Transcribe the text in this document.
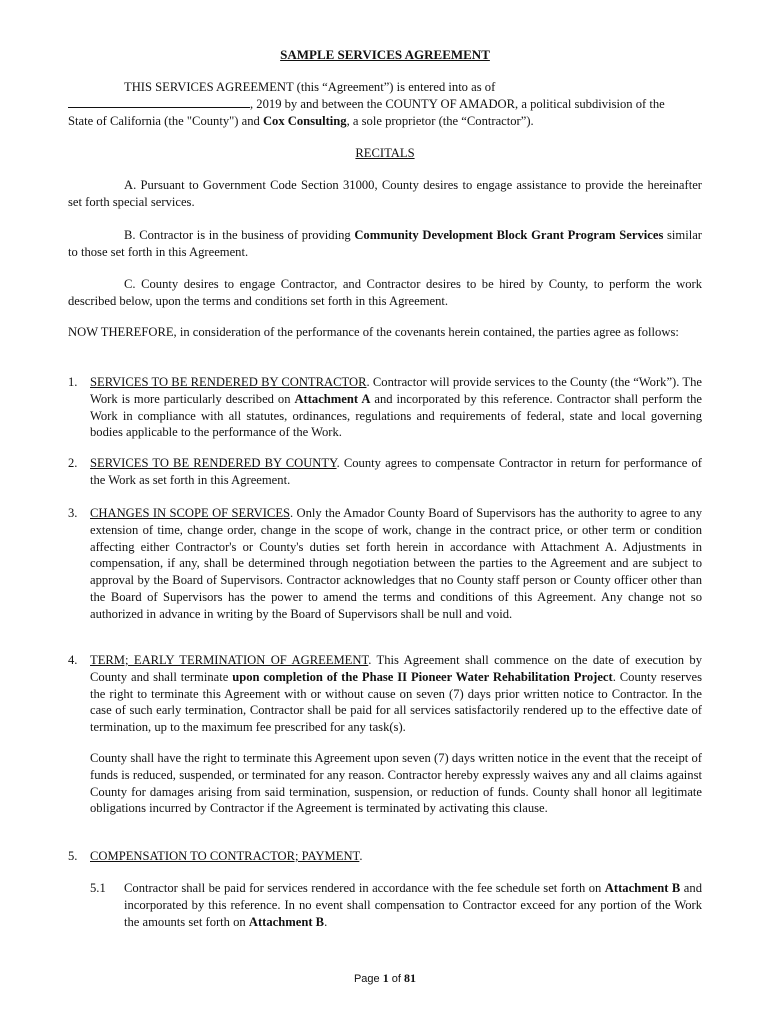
SAMPLE SERVICES AGREEMENT

THIS SERVICES AGREEMENT (this “Agreement”) is entered into as of
, 2019 by and between the COUNTY OF AMADOR, a political subdivision of the
State of California (the "County") and Cox Consulting, a sole proprietor (the “Contractor”).

RECITALS

A. Pursuant to Government Code Section 31000, County desires to engage assistance to provide the hereinafter set forth special services.

B. Contractor is in the business of providing Community Development Block Grant Program Services similar to those set forth in this Agreement.

C. County desires to engage Contractor, and Contractor desires to be hired by County, to perform the work described below, upon the terms and conditions set forth in this Agreement.

NOW THEREFORE, in consideration of the performance of the covenants herein contained, the parties agree as follows:

1. SERVICES TO BE RENDERED BY CONTRACTOR. Contractor will provide services to the County (the “Work”). The Work is more particularly described on Attachment A and incorporated by this reference. Contractor shall perform the Work in compliance with all statutes, ordinances, regulations and requirements of federal, state and local governing bodies applicable to the performance of the Work.

2. SERVICES TO BE RENDERED BY COUNTY. County agrees to compensate Contractor in return for performance of the Work as set forth in this Agreement.

3. CHANGES IN SCOPE OF SERVICES. Only the Amador County Board of Supervisors has the authority to agree to any extension of time, change order, change in the scope of work, change in the contract price, or other term or condition affecting either Contractor's or County's duties set forth herein in accordance with Attachment A. Adjustments in compensation, if any, shall be determined through negotiation between the parties to the Agreement and are subject to approval by the Board of Supervisors. Contractor acknowledges that no County staff person or County officer other than the Board of Supervisors has the power to amend the terms and conditions of this Agreement. Any change not so authorized in advance in writing by the Board of Supervisors shall be null and void.

4. TERM; EARLY TERMINATION OF AGREEMENT. This Agreement shall commence on the date of execution by County and shall terminate upon completion of the Phase II Pioneer Water Rehabilitation Project. County reserves the right to terminate this Agreement with or without cause on seven (7) days prior written notice to Contractor. In the case of such early termination, Contractor shall be paid for all services satisfactorily rendered up to the effective date of termination, up to the maximum fee prescribed for any task(s).

County shall have the right to terminate this Agreement upon seven (7) days written notice in the event that the receipt of funds is reduced, suspended, or terminated for any reason. Contractor hereby expressly waives any and all claims against County for damages arising from said termination, suspension, or reduction of funds. County shall honor all legitimate obligations incurred by Contractor if the Agreement is terminated by activating this clause.

5. COMPENSATION TO CONTRACTOR; PAYMENT.

5.1 Contractor shall be paid for services rendered in accordance with the fee schedule set forth on Attachment B and incorporated by this reference. In no event shall compensation to Contractor exceed for any portion of the Work the amounts set forth on Attachment B.

Page 1 of 81
